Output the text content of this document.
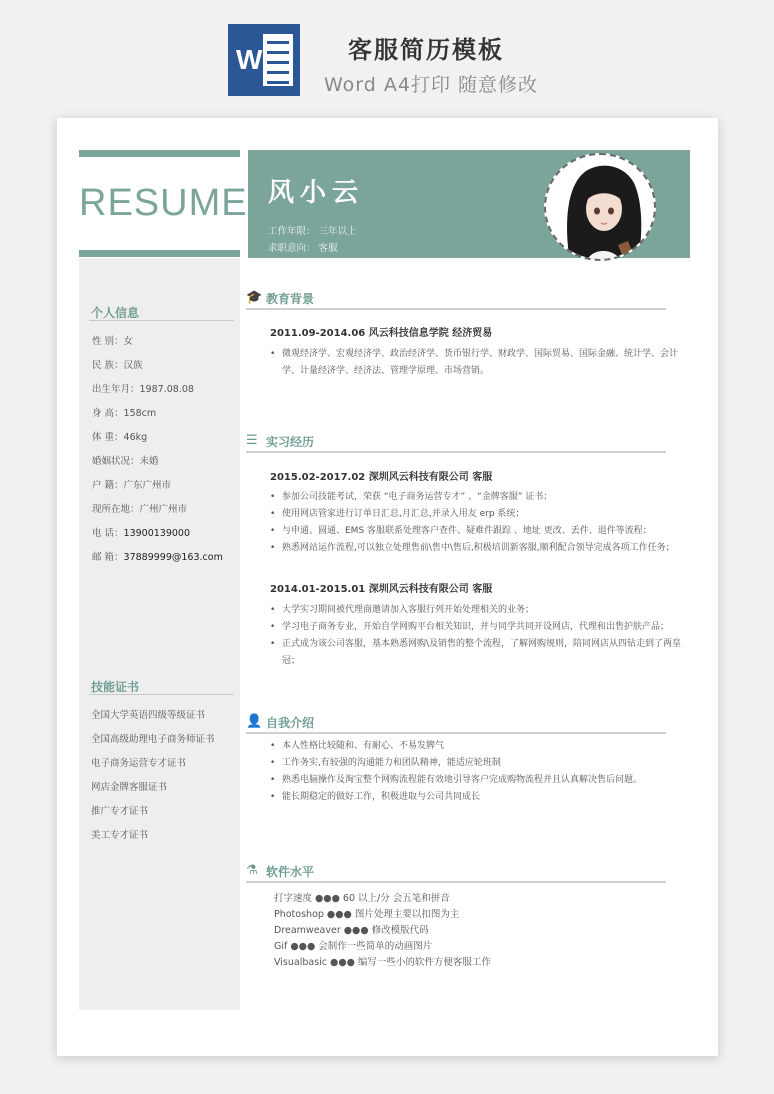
W	客服简历模板
Word A4打印 随意修改
RESUME
个人信息
性 别：女
民 族：汉族
出生年月：1987.08.08
身 高：158cm
体 重：46kg
婚姻状况：未婚
户 籍：广东广州市
现所在地：广州广州市
电 话：13900139000
邮 箱：37889999@163.com
技能证书
全国大学英语四级等级证书
全国高级助理电子商务师证书
电子商务运营专才证书
网店金牌客服证书
推广专才证书
美工专才证书
风小云
工作年限： 三年以上
求职意向： 客服
🎓 教育背景
2011.09-2014.06 风云科技信息学院 经济贸易
• 微观经济学、宏观经济学、政治经济学、货币银行学、财政学、国际贸易、国际金融、统计学、会计学、计量经济学、经济法、管理学原理、市场营销。
☰ 实习经历
2015.02-2017.02 深圳风云科技有限公司 客服
• 参加公司技能考试，荣获 “电子商务运营专才” 、“金牌客服” 证书；
• 使用网店管家进行订单日汇总,月汇总,并录入用友 erp 系统；
• 与申通、圆通、EMS 客服联系处理客户查件、疑难件跟踪 、地址 更改、丢件、退件等流程；
• 熟悉网站运作流程,可以独立处理售前\售中\售后,积极培训新客服,顺利配合领导完成各项工作任务；
2014.01-2015.01 深圳风云科技有限公司 客服
• 大学实习期间被代理商邀请加入客服行列开始处理相关的业务；
• 学习电子商务专业，开始自学网购平台相关知识，并与同学共同开设网店，代理和出售护肤产品；
• 正式成为该公司客服，基本熟悉网购\及销售的整个流程，了解网购规则，陪同网店从四钻走到了两皇冠；
👤 自我介绍
• 本人性格比较随和、有耐心、不易发脾气
• 工作务实,有较强的沟通能力和团队精神，能适应轮班制
• 熟悉电脑操作及淘宝整个网购流程能有效地引导客户完成购物流程并且认真解决售后问题。
• 能长期稳定的做好工作，积极进取与公司共同成长
⚗ 软件水平
打字速度 ●●● 60 以上/分 会五笔和拼音
Photoshop ●●● 图片处理主要以扣图为主
Dreamweaver ●●● 修改模版代码
Gif ●●● 会制作一些简单的动画图片
Visualbasic ●●● 编写一些小的软件方便客服工作
